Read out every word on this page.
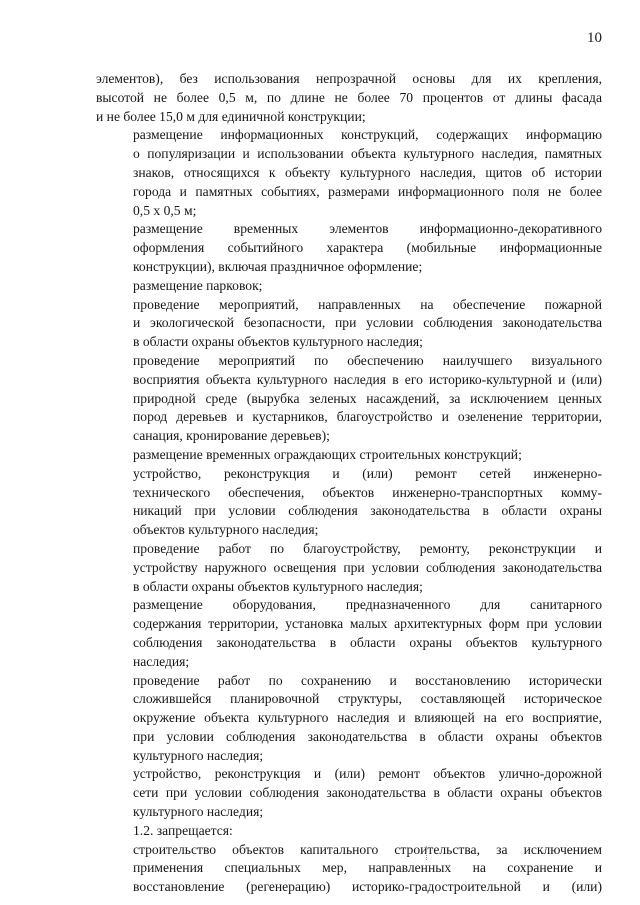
10

элементов), без использования непрозрачной основы для их крепления,
высотой не более 0,5 м, по длине не более 70 процентов от длины фасада
и не более 15,0 м для единичной конструкции;

размещение информационных конструкций, содержащих информацию
о популяризации и использовании объекта культурного наследия, памятных
знаков, относящихся к объекту культурного наследия, щитов об истории
города и памятных событиях, размерами информационного поля не более
0,5 х 0,5 м;

размещение временных элементов информационно-декоративного
оформления событийного характера (мобильные информационные
конструкции), включая праздничное оформление;

размещение парковок;

проведение мероприятий, направленных на обеспечение пожарной
и экологической безопасности, при условии соблюдения законодательства
в области охраны объектов культурного наследия;

проведение мероприятий по обеспечению наилучшего визуального
восприятия объекта культурного наследия в его историко-культурной и (или)
природной среде (вырубка зеленых насаждений, за исключением ценных
пород деревьев и кустарников, благоустройство и озеленение территории,
санация, кронирование деревьев);

размещение временных ограждающих строительных конструкций;

устройство, реконструкция и (или) ремонт сетей инженерно-
технического обеспечения, объектов инженерно-транспортных комму-
никаций при условии соблюдения законодательства в области охраны
объектов культурного наследия;

проведение работ по благоустройству, ремонту, реконструкции и
устройству наружного освещения при условии соблюдения законодательства
в области охраны объектов культурного наследия;

размещение оборудования, предназначенного для санитарного
содержания территории, установка малых архитектурных форм при условии
соблюдения законодательства в области охраны объектов культурного
наследия;

проведение работ по сохранению и восстановлению исторически
сложившейся планировочной структуры, составляющей историческое
окружение объекта культурного наследия и влияющей на его восприятие,
при условии соблюдения законодательства в области охраны объектов
культурного наследия;

устройство, реконструкция и (или) ремонт объектов улично-дорожной
сети при условии соблюдения законодательства в области охраны объектов
культурного наследия;

1.2. запрещается:

строительство объектов капитального строительства, за исключением
применения специальных мер, направленных на сохранение и
восстановление (регенерацию) историко-градостроительной и (или)
